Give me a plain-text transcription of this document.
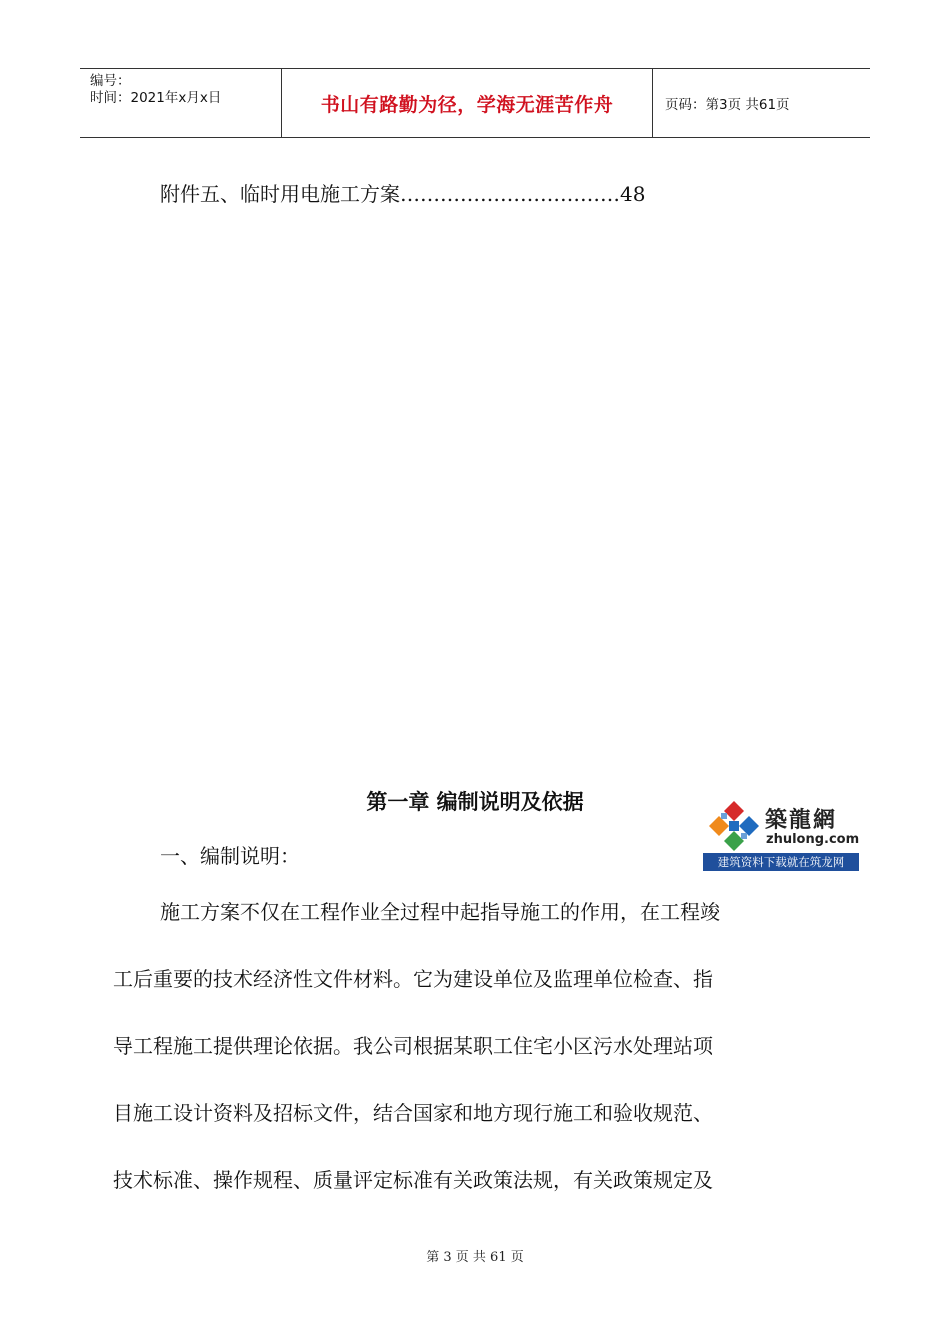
编号：
时间：2021年x月x日	书山有路勤为径，学海无涯苦作舟	页码：第3页 共61页
附件五、临时用电施工方案……………………………48
第一章 编制说明及依据
築龍網
zhulong.com
建筑资料下载就在筑龙网
一、编制说明：
施工方案不仅在工程作业全过程中起指导施工的作用，在工程竣
工后重要的技术经济性文件材料。它为建设单位及监理单位检查、指
导工程施工提供理论依据。我公司根据某职工住宅小区污水处理站项
目施工设计资料及招标文件，结合国家和地方现行施工和验收规范、
技术标准、操作规程、质量评定标准有关政策法规，有关政策规定及
第 3 页 共 61 页
